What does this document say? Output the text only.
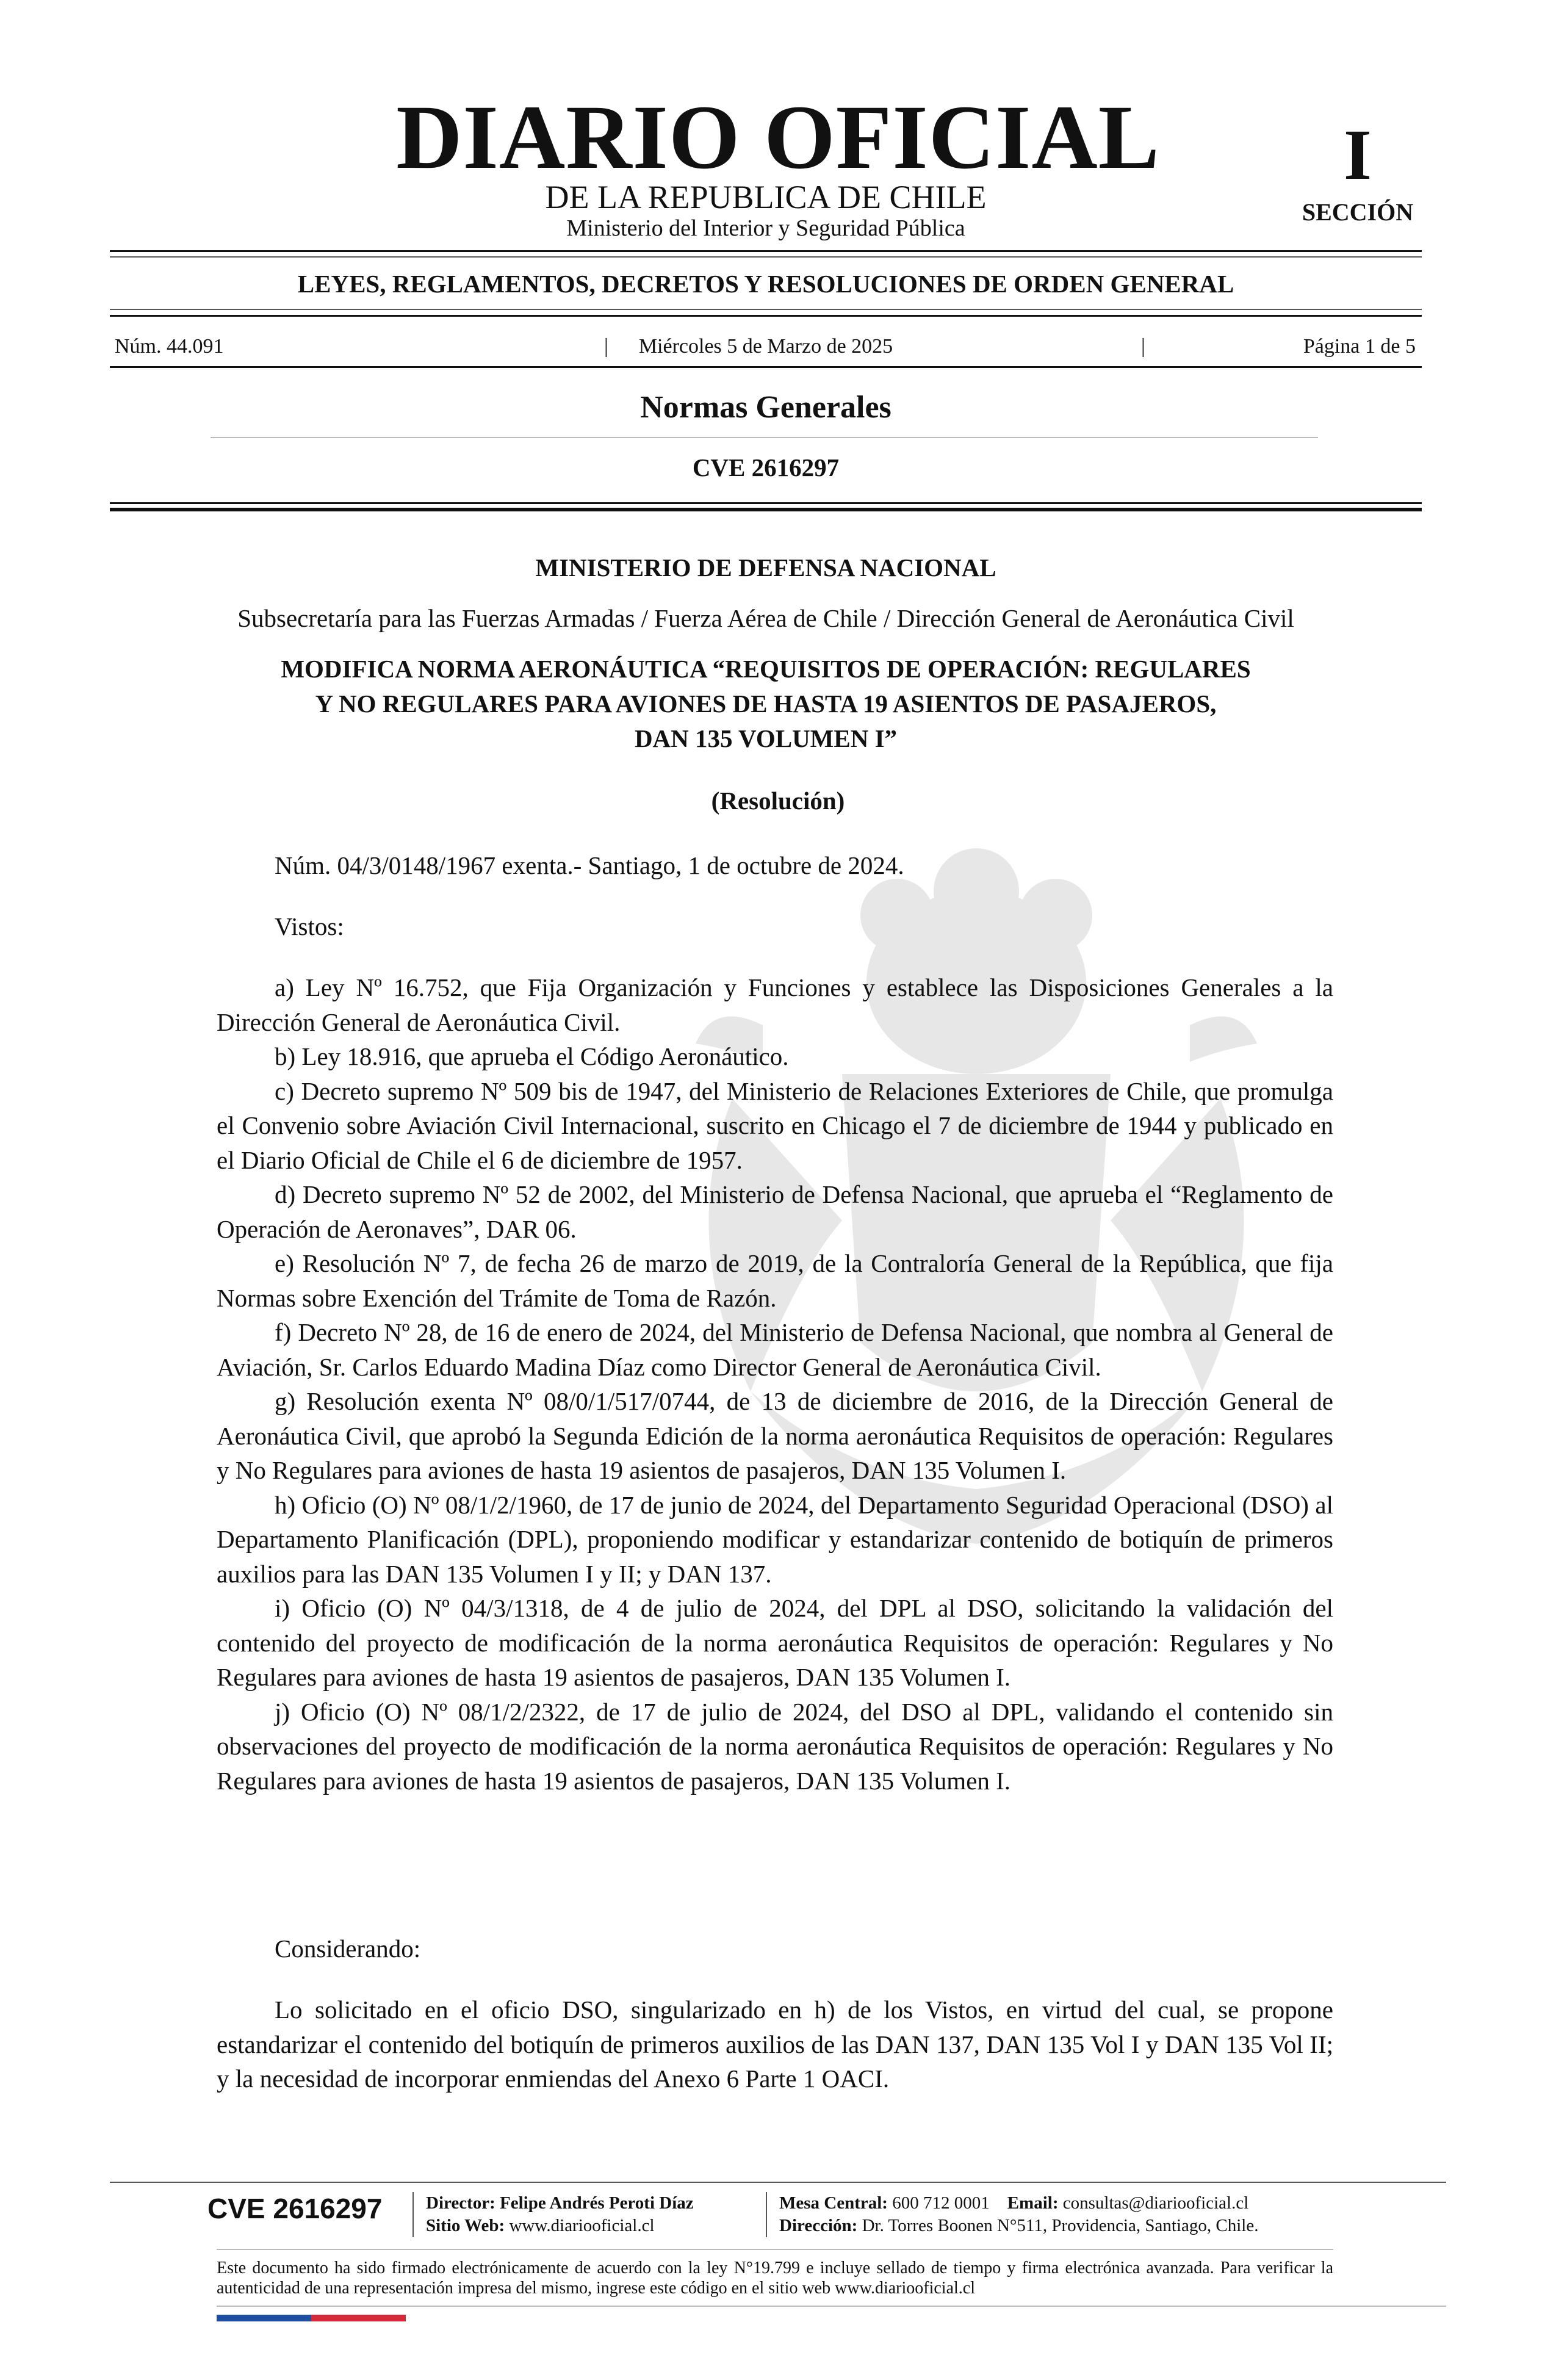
DIARIO OFICIAL
DE LA REPUBLICA DE CHILE
Ministerio del Interior y Seguridad Pública
I
SECCIÓN
LEYES, REGLAMENTOS, DECRETOS Y RESOLUCIONES DE ORDEN GENERAL
Núm. 44.091	|	Miércoles 5 de Marzo de 2025	|	Página 1 de 5
Normas Generales
CVE 2616297
MINISTERIO DE DEFENSA NACIONAL
Subsecretaría para las Fuerzas Armadas / Fuerza Aérea de Chile / Dirección General de Aeronáutica Civil
MODIFICA NORMA AERONÁUTICA “REQUISITOS DE OPERACIÓN: REGULARES
Y NO REGULARES PARA AVIONES DE HASTA 19 ASIENTOS DE PASAJEROS,
DAN 135 VOLUMEN I”
(Resolución)

Núm. 04/3/0148/1967 exenta.- Santiago, 1 de octubre de 2024.

Vistos:

a) Ley Nº 16.752, que Fija Organización y Funciones y establece las Disposiciones Generales a la Dirección General de Aeronáutica Civil.

b) Ley 18.916, que aprueba el Código Aeronáutico.

c) Decreto supremo Nº 509 bis de 1947, del Ministerio de Relaciones Exteriores de Chile, que promulga el Convenio sobre Aviación Civil Internacional, suscrito en Chicago el 7 de diciembre de 1944 y publicado en el Diario Oficial de Chile el 6 de diciembre de 1957.

d) Decreto supremo Nº 52 de 2002, del Ministerio de Defensa Nacional, que aprueba el “Reglamento de Operación de Aeronaves”, DAR 06.

e) Resolución Nº 7, de fecha 26 de marzo de 2019, de la Contraloría General de la República, que fija Normas sobre Exención del Trámite de Toma de Razón.

f) Decreto Nº 28, de 16 de enero de 2024, del Ministerio de Defensa Nacional, que nombra al General de Aviación, Sr. Carlos Eduardo Madina Díaz como Director General de Aeronáutica Civil.

g) Resolución exenta Nº 08/0/1/517/0744, de 13 de diciembre de 2016, de la Dirección General de Aeronáutica Civil, que aprobó la Segunda Edición de la norma aeronáutica Requisitos de operación: Regulares y No Regulares para aviones de hasta 19 asientos de pasajeros, DAN 135 Volumen I.

h) Oficio (O) Nº 08/1/2/1960, de 17 de junio de 2024, del Departamento Seguridad Operacional (DSO) al Departamento Planificación (DPL), proponiendo modificar y estandarizar contenido de botiquín de primeros auxilios para las DAN 135 Volumen I y II; y DAN 137.

i) Oficio (O) Nº 04/3/1318, de 4 de julio de 2024, del DPL al DSO, solicitando la validación del contenido del proyecto de modificación de la norma aeronáutica Requisitos de operación: Regulares y No Regulares para aviones de hasta 19 asientos de pasajeros, DAN 135 Volumen I.

j) Oficio (O) Nº 08/1/2/2322, de 17 de julio de 2024, del DSO al DPL, validando el contenido sin observaciones del proyecto de modificación de la norma aeronáutica Requisitos de operación: Regulares y No Regulares para aviones de hasta 19 asientos de pasajeros, DAN 135 Volumen I.

Considerando:

Lo solicitado en el oficio DSO, singularizado en h) de los Vistos, en virtud del cual, se propone estandarizar el contenido del botiquín de primeros auxilios de las DAN 137, DAN 135 Vol I y DAN 135 Vol II; y la necesidad de incorporar enmiendas del Anexo 6 Parte 1 OACI.

CVE 2616297 Director: Felipe Andrés Peroti Díaz
Sitio Web: www.diariooficial.cl
Mesa Central: 600 712 0001 Email: consultas@diariooficial.cl
Dirección: Dr. Torres Boonen N°511, Providencia, Santiago, Chile.
Este documento ha sido firmado electrónicamente de acuerdo con la ley N°19.799 e incluye sellado de tiempo y firma electrónica avanzada. Para verificar la autenticidad de una representación impresa del mismo, ingrese este código en el sitio web www.diariooficial.cl
